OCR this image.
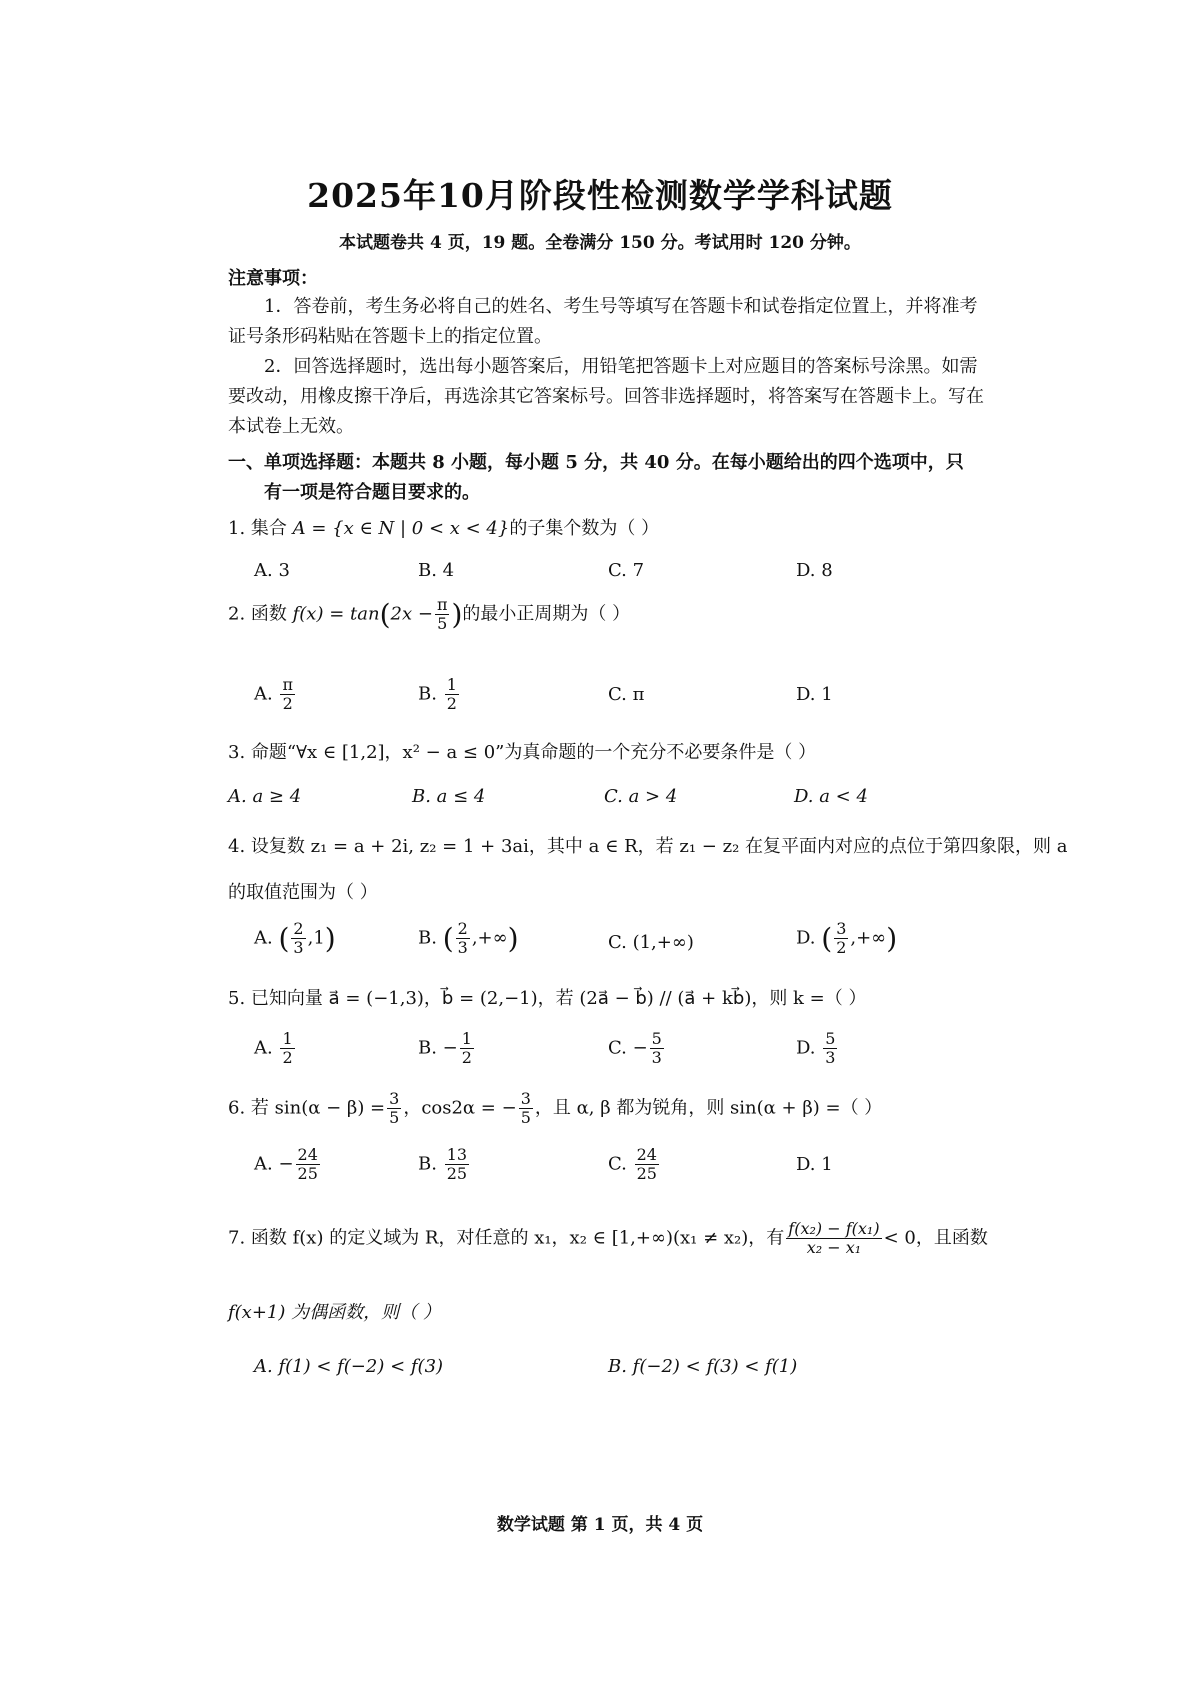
2025年10月阶段性检测数学学科试题
本试题卷共 4 页，19 题。全卷满分 150 分。考试用时 120 分钟。
注意事项：

1．答卷前，考生务必将自己的姓名、考生号等填写在答题卡和试卷指定位置上，并将准考证号条形码粘贴在答题卡上的指定位置。

2．回答选择题时，选出每小题答案后，用铅笔把答题卡上对应题目的答案标号涂黑。如需要改动，用橡皮擦干净后，再选涂其它答案标号。回答非选择题时，将答案写在答题卡上。写在本试卷上无效。

一、单项选择题：本题共 8 小题，每小题 5 分，共 40 分。在每小题给出的四个选项中，只
有一项是符合题目要求的。
1. 集合 A = {x ∈ N | 0 < x < 4}的子集个数为（ ）
A. 3	B. 4	C. 7	D. 8
2. 函数 $f(x) = \tan(2x - \frac{\pi}{5}$ )的最小正周期为（ ）
A. $\frac{\pi}{2}$	B. $\frac{1}{2}$	C. π	D. 1
3. 命题“∀x ∈ [1,2]，x² − a ≤ 0”为真命题的一个充分不必要条件是（ ）
A. a ≥ 4	B. a ≤ 4	C. a > 4	D. a < 4
4. 设复数 z₁ = a + 2i, z₂ = 1 + 3ai，其中 a ∈ R，若 z₁ − z₂ 在复平面内对应的点位于第四象限，则 a
的取值范围为（ ）
A. ( $\frac{2}{3} ,1$)	B. ( $\frac{2}{3}$ ,+∞)	C. (1,+∞)	D. ( $\frac{3}{2}$ ,+∞)
5. 已知向量 a⃗ = (−1,3)，b⃗ = (2,−1)，若 (2a⃗ − b⃗) // (a⃗ + kb⃗)，则 k =（ ）
A. $\frac{1}{2}$	B. − $\frac{1}{2}$	C. − $\frac{5}{3}$	D. $\frac{5}{3}$
6. 若 $\sin(\alpha - \beta) = \frac{3}{5}$ ，cos2α = − $\frac{3}{5}$ ，且 α, β 都为锐角，则 sin(α + β) =（ ）
A. − $\frac{24}{25}$	B. $\frac{13}{25}$	C. $\frac{24}{25}$	D. 1
7. 函数 f(x) 的定义域为 R，对任意的 x₁，x₂ ∈ [1,+∞)(x₁ ≠ x₂)，有 $\frac{\text{f(x₂) − f(x₁)}}{\text{x₂ − x₁}} < 0$，且函数
f(x+1) 为偶函数，则（ ）
A. f(1) < f(−2) < f(3)	B. f(−2) < f(3) < f(1)
数学试题 第 1 页，共 4 页
